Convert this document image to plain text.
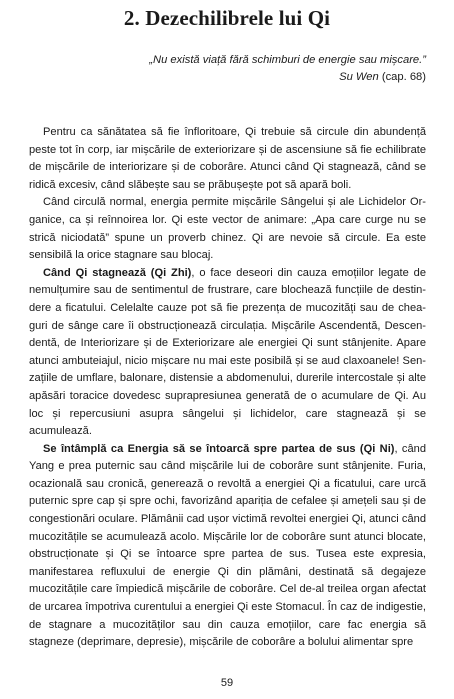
2. Dezechilibrele lui Qi
„Nu există viață fără schimburi de energie sau mișcare.”
Su Wen (cap. 68)

Pentru ca sănătatea să fie înfloritoare, Qi trebuie să circule din abundență peste tot în corp, iar mișcările de exteriorizare și de ascensiune să fie echilibrate de mișcările de interiorizare și de coborâre. Atunci când Qi stagnează, când se ridică excesiv, când slăbește sau se prăbușește pot să apară boli.

Când circulă normal, energia permite mișcările Sângelui și ale Lichidelor Organice, ca și reînnoirea lor. Qi este vector de animare: „Apa care curge nu se strică niciodată” spune un proverb chinez. Qi are nevoie să circule. Ea este sensibilă la orice stagnare sau blocaj.

Când Qi stagnează (Qi Zhi), o face deseori din cauza emoțiilor legate de nemulțumire sau de sentimentul de frustrare, care blochează funcțiile de destindere a ficatului. Celelalte cauze pot să fie prezența de mucozități sau de cheaguri de sânge care îi obstrucționează circulația. Mișcările Ascendentă, Descendentă, de Interiorizare și de Exteriorizare ale energiei Qi sunt stânjenite. Apare atunci ambuteiajul, nicio mișcare nu mai este posibilă și se aud claxoanele! Senzațiile de umflare, balonare, distensie a abdomenului, durerile intercostale și alte apăsări toracice dovedesc suprapresiunea generată de o acumulare de Qi. Au loc și repercusiuni asupra sângelui și lichidelor, care stagnează și se acumulează.

Se întâmplă ca Energia să se întoarcă spre partea de sus (Qi Ni), când Yang e prea puternic sau când mișcările lui de coborâre sunt stânjenite. Furia, ocazională sau cronică, generează o revoltă a energiei Qi a ficatului, care urcă puternic spre cap și spre ochi, favorizând apariția de cefalee și amețeli sau și de congestionări oculare. Plămânii cad ușor victimă revoltei energiei Qi, atunci când mucozitățile se acumulează acolo. Mișcările lor de coborâre sunt atunci blocate, obstrucționate și Qi se întoarce spre partea de sus. Tusea este expresia, manifestarea refluxului de energie Qi din plămâni, destinată să degajeze mucozitățile care împiedică mișcările de coborâre. Cel de-al treilea organ afectat de urcarea împotriva curentului a energiei Qi este Stomacul. În caz de indigestie, de stagnare a mucozităților sau din cauza emoțiilor, care fac energia să stagneze (deprimare, depresie), mișcările de coborâre a bolului alimentar spre

59
